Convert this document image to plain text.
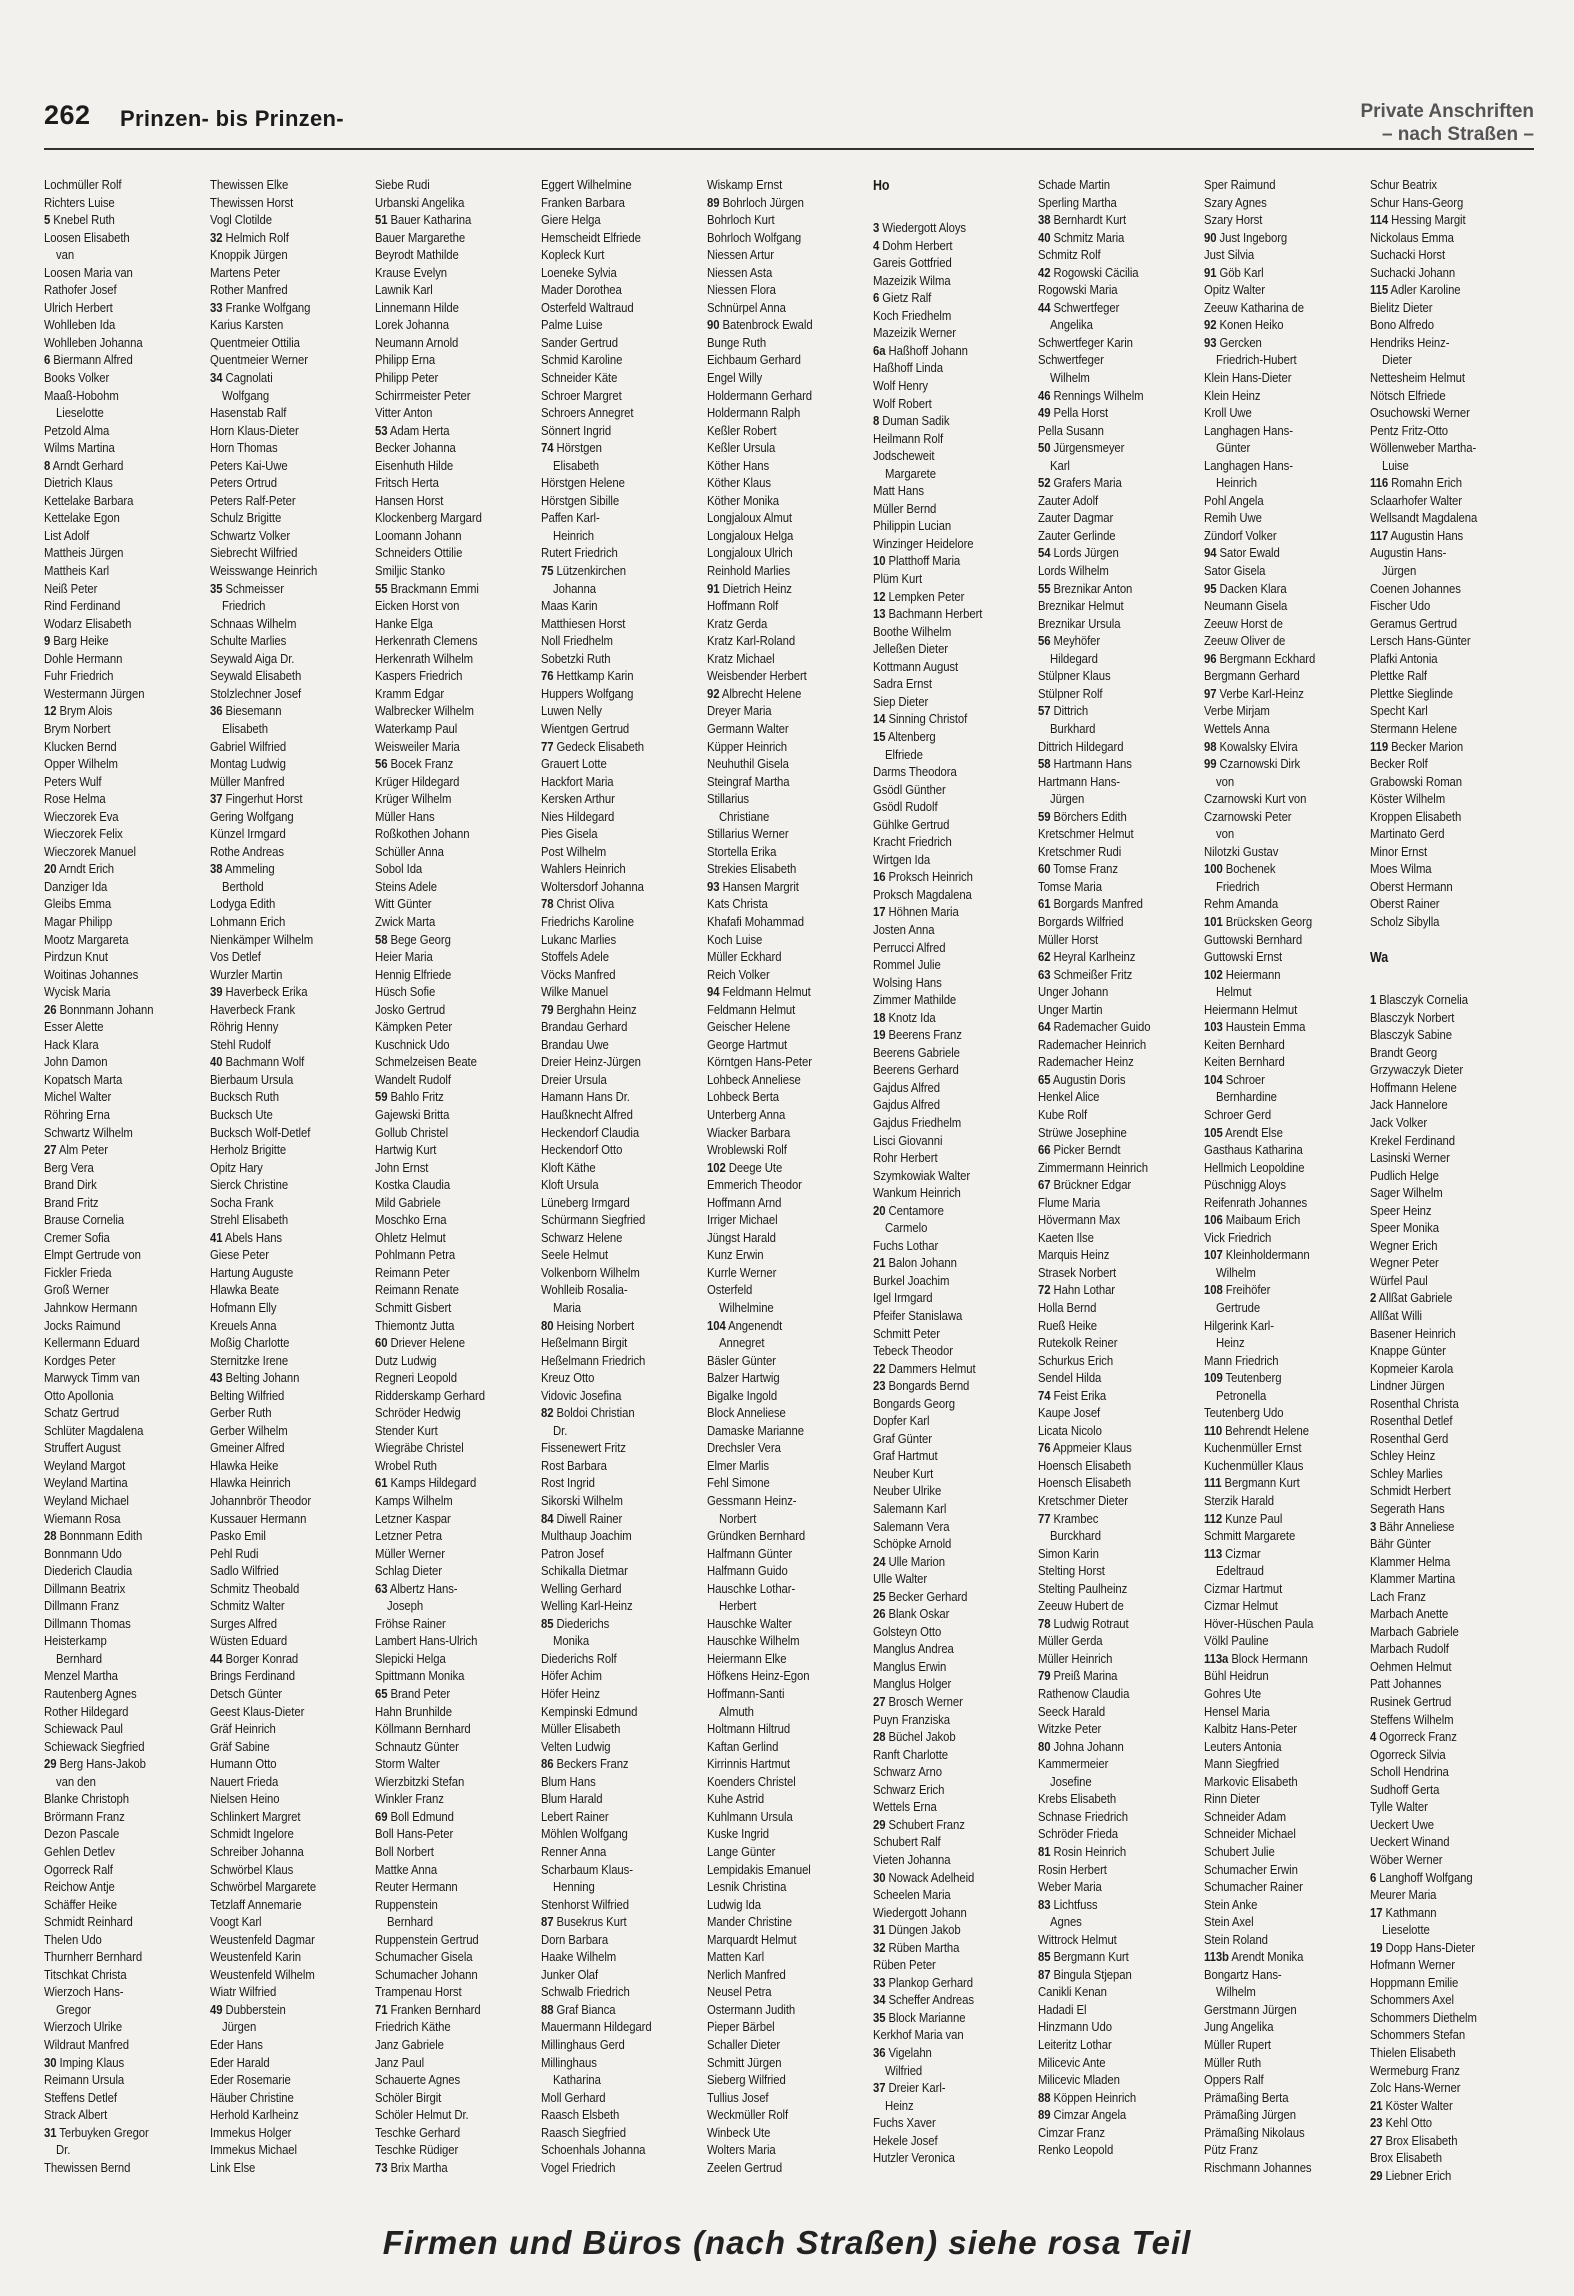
262 Prinzen- bis Prinzen-	Private Anschriften
– nach Straßen –
Lochmüller Rolf
Richters Luise
5 Knebel Ruth
Loosen Elisabeth
van
Loosen Maria van
Rathofer Josef
Ulrich Herbert
Wohlleben Ida
Wohlleben Johanna
6 Biermann Alfred
Books Volker
Maaß-Hobohm
Lieselotte
Petzold Alma
Wilms Martina
8 Arndt Gerhard
Dietrich Klaus
Kettelake Barbara
Kettelake Egon
List Adolf
Mattheis Jürgen
Mattheis Karl
Neiß Peter
Rind Ferdinand
Wodarz Elisabeth
9 Barg Heike
Dohle Hermann
Fuhr Friedrich
Westermann Jürgen
12 Brym Alois
Brym Norbert
Klucken Bernd
Opper Wilhelm
Peters Wulf
Rose Helma
Wieczorek Eva
Wieczorek Felix
Wieczorek Manuel
20 Arndt Erich
Danziger Ida
Gleibs Emma
Magar Philipp
Mootz Margareta
Pirdzun Knut
Woitinas Johannes
Wycisk Maria
26 Bonnmann Johann
Esser Alette
Hack Klara
John Damon
Kopatsch Marta
Michel Walter
Röhring Erna
Schwartz Wilhelm
27 Alm Peter
Berg Vera
Brand Dirk
Brand Fritz
Brause Cornelia
Cremer Sofia
Elmpt Gertrude von
Fickler Frieda
Groß Werner
Jahnkow Hermann
Jocks Raimund
Kellermann Eduard
Kordges Peter
Marwyck Timm van
Otto Apollonia
Schatz Gertrud
Schlüter Magdalena
Struffert August
Weyland Margot
Weyland Martina
Weyland Michael
Wiemann Rosa
28 Bonnmann Edith
Bonnmann Udo
Diederich Claudia
Dillmann Beatrix
Dillmann Franz
Dillmann Thomas
Heisterkamp
Bernhard
Menzel Martha
Rautenberg Agnes
Rother Hildegard
Schiewack Paul
Schiewack Siegfried
29 Berg Hans-Jakob
van den
Blanke Christoph
Brörmann Franz
Dezon Pascale
Gehlen Detlev
Ogorreck Ralf
Reichow Antje
Schäffer Heike
Schmidt Reinhard
Thelen Udo
Thurnherr Bernhard
Titschkat Christa
Wierzoch Hans-
Gregor
Wierzoch Ulrike
Wildraut Manfred
30 Imping Klaus
Reimann Ursula
Steffens Detlef
Strack Albert
31 Terbuyken Gregor
Dr.
Thewissen Bernd
Thewissen Elke
Thewissen Horst
Vogl Clotilde
32 Helmich Rolf
Knoppik Jürgen
Martens Peter
Rother Manfred
33 Franke Wolfgang
Karius Karsten
Quentmeier Ottilia
Quentmeier Werner
34 Cagnolati
Wolfgang
Hasenstab Ralf
Horn Klaus-Dieter
Horn Thomas
Peters Kai-Uwe
Peters Ortrud
Peters Ralf-Peter
Schulz Brigitte
Schwartz Volker
Siebrecht Wilfried
Weisswange Heinrich
35 Schmeisser
Friedrich
Schnaas Wilhelm
Schulte Marlies
Seywald Aiga Dr.
Seywald Elisabeth
Stolzlechner Josef
36 Biesemann
Elisabeth
Gabriel Wilfried
Montag Ludwig
Müller Manfred
37 Fingerhut Horst
Gering Wolfgang
Künzel Irmgard
Rothe Andreas
38 Ammeling
Berthold
Lodyga Edith
Lohmann Erich
Nienkämper Wilhelm
Vos Detlef
Wurzler Martin
39 Haverbeck Erika
Haverbeck Frank
Röhrig Henny
Stehl Rudolf
40 Bachmann Wolf
Bierbaum Ursula
Bucksch Ruth
Bucksch Ute
Bucksch Wolf-Detlef
Herholz Brigitte
Opitz Hary
Sierck Christine
Socha Frank
Strehl Elisabeth
41 Abels Hans
Giese Peter
Hartung Auguste
Hlawka Beate
Hofmann Elly
Kreuels Anna
Moßig Charlotte
Sternitzke Irene
43 Belting Johann
Belting Wilfried
Gerber Ruth
Gerber Wilhelm
Gmeiner Alfred
Hlawka Heike
Hlawka Heinrich
Johannbrör Theodor
Kussauer Hermann
Pasko Emil
Pehl Rudi
Sadlo Wilfried
Schmitz Theobald
Schmitz Walter
Surges Alfred
Wüsten Eduard
44 Borger Konrad
Brings Ferdinand
Detsch Günter
Geest Klaus-Dieter
Gräf Heinrich
Gräf Sabine
Humann Otto
Nauert Frieda
Nielsen Heino
Schlinkert Margret
Schmidt Ingelore
Schreiber Johanna
Schwörbel Klaus
Schwörbel Margarete
Tetzlaff Annemarie
Voogt Karl
Weustenfeld Dagmar
Weustenfeld Karin
Weustenfeld Wilhelm
Wiatr Wilfried
49 Dubberstein
Jürgen
Eder Hans
Eder Harald
Eder Rosemarie
Häuber Christine
Herhold Karlheinz
Immekus Holger
Immekus Michael
Link Else
Siebe Rudi
Urbanski Angelika
51 Bauer Katharina
Bauer Margarethe
Beyrodt Mathilde
Krause Evelyn
Lawnik Karl
Linnemann Hilde
Lorek Johanna
Neumann Arnold
Philipp Erna
Philipp Peter
Schirrmeister Peter
Vitter Anton
53 Adam Herta
Becker Johanna
Eisenhuth Hilde
Fritsch Herta
Hansen Horst
Klockenberg Margard
Loomann Johann
Schneiders Ottilie
Smiljic Stanko
55 Brackmann Emmi
Eicken Horst von
Hanke Elga
Herkenrath Clemens
Herkenrath Wilhelm
Kaspers Friedrich
Kramm Edgar
Walbrecker Wilhelm
Waterkamp Paul
Weisweiler Maria
56 Bocek Franz
Krüger Hildegard
Krüger Wilhelm
Müller Hans
Roßkothen Johann
Schüller Anna
Sobol Ida
Steins Adele
Witt Günter
Zwick Marta
58 Bege Georg
Heier Maria
Hennig Elfriede
Hüsch Sofie
Josko Gertrud
Kämpken Peter
Kuschnick Udo
Schmelzeisen Beate
Wandelt Rudolf
59 Bahlo Fritz
Gajewski Britta
Gollub Christel
Hartwig Kurt
John Ernst
Kostka Claudia
Mild Gabriele
Moschko Erna
Ohletz Helmut
Pohlmann Petra
Reimann Peter
Reimann Renate
Schmitt Gisbert
Thiemontz Jutta
60 Driever Helene
Dutz Ludwig
Regneri Leopold
Ridderskamp Gerhard
Schröder Hedwig
Stender Kurt
Wiegräbe Christel
Wrobel Ruth
61 Kamps Hildegard
Kamps Wilhelm
Letzner Kaspar
Letzner Petra
Müller Werner
Schlag Dieter
63 Albertz Hans-
Joseph
Fröhse Rainer
Lambert Hans-Ulrich
Slepicki Helga
Spittmann Monika
65 Brand Peter
Hahn Brunhilde
Köllmann Bernhard
Schnautz Günter
Storm Walter
Wierzbitzki Stefan
Winkler Franz
69 Boll Edmund
Boll Hans-Peter
Boll Norbert
Mattke Anna
Reuter Hermann
Ruppenstein
Bernhard
Ruppenstein Gertrud
Schumacher Gisela
Schumacher Johann
Trampenau Horst
71 Franken Bernhard
Friedrich Käthe
Janz Gabriele
Janz Paul
Schauerte Agnes
Schöler Birgit
Schöler Helmut Dr.
Teschke Gerhard
Teschke Rüdiger
73 Brix Martha
Eggert Wilhelmine
Franken Barbara
Giere Helga
Hemscheidt Elfriede
Kopleck Kurt
Loeneke Sylvia
Mader Dorothea
Osterfeld Waltraud
Palme Luise
Sander Gertrud
Schmid Karoline
Schneider Käte
Schroer Margret
Schroers Annegret
Sönnert Ingrid
74 Hörstgen
Elisabeth
Hörstgen Helene
Hörstgen Sibille
Paffen Karl-
Heinrich
Rutert Friedrich
75 Lützenkirchen
Johanna
Maas Karin
Matthiesen Horst
Noll Friedhelm
Sobetzki Ruth
76 Hettkamp Karin
Huppers Wolfgang
Luwen Nelly
Wientgen Gertrud
77 Gedeck Elisabeth
Grauert Lotte
Hackfort Maria
Kersken Arthur
Nies Hildegard
Pies Gisela
Post Wilhelm
Wahlers Heinrich
Woltersdorf Johanna
78 Christ Oliva
Friedrichs Karoline
Lukanc Marlies
Stoffels Adele
Vöcks Manfred
Wilke Manuel
79 Berghahn Heinz
Brandau Gerhard
Brandau Uwe
Dreier Heinz-Jürgen
Dreier Ursula
Hamann Hans Dr.
Haußknecht Alfred
Heckendorf Claudia
Heckendorf Otto
Kloft Käthe
Kloft Ursula
Lüneberg Irmgard
Schürmann Siegfried
Schwarz Helene
Seele Helmut
Volkenborn Wilhelm
Wohlleib Rosalia-
Maria
80 Heising Norbert
Heßelmann Birgit
Heßelmann Friedrich
Kreuz Otto
Vidovic Josefina
82 Boldoi Christian
Dr.
Fissenewert Fritz
Rost Barbara
Rost Ingrid
Sikorski Wilhelm
84 Diwell Rainer
Multhaup Joachim
Patron Josef
Schikalla Dietmar
Welling Gerhard
Welling Karl-Heinz
85 Diederichs
Monika
Diederichs Rolf
Höfer Achim
Höfer Heinz
Kempinski Edmund
Müller Elisabeth
Velten Ludwig
86 Beckers Franz
Blum Hans
Blum Harald
Lebert Rainer
Möhlen Wolfgang
Renner Anna
Scharbaum Klaus-
Henning
Stenhorst Wilfried
87 Busekrus Kurt
Dorn Barbara
Haake Wilhelm
Junker Olaf
Schwalb Friedrich
88 Graf Bianca
Mauermann Hildegard
Millinghaus Gerd
Millinghaus
Katharina
Moll Gerhard
Raasch Elsbeth
Raasch Siegfried
Schoenhals Johanna
Vogel Friedrich
Wiskamp Ernst
89 Bohrloch Jürgen
Bohrloch Kurt
Bohrloch Wolfgang
Niessen Artur
Niessen Asta
Niessen Flora
Schnürpel Anna
90 Batenbrock Ewald
Bunge Ruth
Eichbaum Gerhard
Engel Willy
Holdermann Gerhard
Holdermann Ralph
Keßler Robert
Keßler Ursula
Köther Hans
Köther Klaus
Köther Monika
Longjaloux Almut
Longjaloux Helga
Longjaloux Ulrich
Reinhold Marlies
91 Dietrich Heinz
Hoffmann Rolf
Kratz Gerda
Kratz Karl-Roland
Kratz Michael
Weisbender Herbert
92 Albrecht Helene
Dreyer Maria
Germann Walter
Küpper Heinrich
Neuhuthil Gisela
Steingraf Martha
Stillarius
Christiane
Stillarius Werner
Stortella Erika
Strekies Elisabeth
93 Hansen Margrit
Kats Christa
Khafafi Mohammad
Koch Luise
Müller Eckhard
Reich Volker
94 Feldmann Helmut
Feldmann Helmut
Geischer Helene
George Hartmut
Körntgen Hans-Peter
Lohbeck Anneliese
Lohbeck Berta
Unterberg Anna
Wiacker Barbara
Wroblewski Rolf
102 Deege Ute
Emmerich Theodor
Hoffmann Arnd
Irriger Michael
Jüngst Harald
Kunz Erwin
Kurrle Werner
Osterfeld
Wilhelmine
104 Angenendt
Annegret
Bäsler Günter
Balzer Hartwig
Bigalke Ingold
Block Anneliese
Damaske Marianne
Drechsler Vera
Elmer Marlis
Fehl Simone
Gessmann Heinz-
Norbert
Gründken Bernhard
Halfmann Günter
Halfmann Guido
Hauschke Lothar-
Herbert
Hauschke Walter
Hauschke Wilhelm
Heiermann Elke
Höfkens Heinz-Egon
Hoffmann-Santi
Almuth
Holtmann Hiltrud
Kaftan Gerlind
Kirrinnis Hartmut
Koenders Christel
Kuhe Astrid
Kuhlmann Ursula
Kuske Ingrid
Lange Günter
Lempidakis Emanuel
Lesnik Christina
Ludwig Ida
Mander Christine
Marquardt Helmut
Matten Karl
Nerlich Manfred
Neusel Petra
Ostermann Judith
Pieper Bärbel
Schaller Dieter
Schmitt Jürgen
Sieberg Wilfried
Tullius Josef
Weckmüller Rolf
Winbeck Ute
Wolters Maria
Zeelen Gertrud
Ho
3 Wiedergott Aloys
4 Dohm Herbert
Gareis Gottfried
Mazeizik Wilma
6 Gietz Ralf
Koch Friedhelm
Mazeizik Werner
6a Haßhoff Johann
Haßhoff Linda
Wolf Henry
Wolf Robert
8 Duman Sadik
Heilmann Rolf
Jodscheweit
Margarete
Matt Hans
Müller Bernd
Philippin Lucian
Winzinger Heidelore
10 Platthoff Maria
Plüm Kurt
12 Lempken Peter
13 Bachmann Herbert
Boothe Wilhelm
Jelleßen Dieter
Kottmann August
Sadra Ernst
Siep Dieter
14 Sinning Christof
15 Altenberg
Elfriede
Darms Theodora
Gsödl Günther
Gsödl Rudolf
Gühlke Gertrud
Kracht Friedrich
Wirtgen Ida
16 Proksch Heinrich
Proksch Magdalena
17 Höhnen Maria
Josten Anna
Perrucci Alfred
Rommel Julie
Wolsing Hans
Zimmer Mathilde
18 Knotz Ida
19 Beerens Franz
Beerens Gabriele
Beerens Gerhard
Gajdus Alfred
Gajdus Alfred
Gajdus Friedhelm
Lisci Giovanni
Rohr Herbert
Szymkowiak Walter
Wankum Heinrich
20 Centamore
Carmelo
Fuchs Lothar
21 Balon Johann
Burkel Joachim
Igel Irmgard
Pfeifer Stanislawa
Schmitt Peter
Tebeck Theodor
22 Dammers Helmut
23 Bongards Bernd
Bongards Georg
Dopfer Karl
Graf Günter
Graf Hartmut
Neuber Kurt
Neuber Ulrike
Salemann Karl
Salemann Vera
Schöpke Arnold
24 Ulle Marion
Ulle Walter
25 Becker Gerhard
26 Blank Oskar
Golsteyn Otto
Manglus Andrea
Manglus Erwin
Manglus Holger
27 Brosch Werner
Puyn Franziska
28 Büchel Jakob
Ranft Charlotte
Schwarz Arno
Schwarz Erich
Wettels Erna
29 Schubert Franz
Schubert Ralf
Vieten Johanna
30 Nowack Adelheid
Scheelen Maria
Wiedergott Johann
31 Düngen Jakob
32 Rüben Martha
Rüben Peter
33 Plankop Gerhard
34 Scheffer Andreas
35 Block Marianne
Kerkhof Maria van
36 Vigelahn
Wilfried
37 Dreier Karl-
Heinz
Fuchs Xaver
Hekele Josef
Hutzler Veronica
Schade Martin
Sperling Martha
38 Bernhardt Kurt
40 Schmitz Maria
Schmitz Rolf
42 Rogowski Cäcilia
Rogowski Maria
44 Schwertfeger
Angelika
Schwertfeger Karin
Schwertfeger
Wilhelm
46 Rennings Wilhelm
49 Pella Horst
Pella Susann
50 Jürgensmeyer
Karl
52 Grafers Maria
Zauter Adolf
Zauter Dagmar
Zauter Gerlinde
54 Lords Jürgen
Lords Wilhelm
55 Breznikar Anton
Breznikar Helmut
Breznikar Ursula
56 Meyhöfer
Hildegard
Stülpner Klaus
Stülpner Rolf
57 Dittrich
Burkhard
Dittrich Hildegard
58 Hartmann Hans
Hartmann Hans-
Jürgen
59 Börchers Edith
Kretschmer Helmut
Kretschmer Rudi
60 Tomse Franz
Tomse Maria
61 Borgards Manfred
Borgards Wilfried
Müller Horst
62 Heyral Karlheinz
63 Schmeißer Fritz
Unger Johann
Unger Martin
64 Rademacher Guido
Rademacher Heinrich
Rademacher Heinz
65 Augustin Doris
Henkel Alice
Kube Rolf
Strüwe Josephine
66 Picker Berndt
Zimmermann Heinrich
67 Brückner Edgar
Flume Maria
Hövermann Max
Kaeten Ilse
Marquis Heinz
Strasek Norbert
72 Hahn Lothar
Holla Bernd
Rueß Heike
Rutekolk Reiner
Schurkus Erich
Sendel Hilda
74 Feist Erika
Kaupe Josef
Licata Nicolo
76 Appmeier Klaus
Hoensch Elisabeth
Hoensch Elisabeth
Kretschmer Dieter
77 Krambec
Burckhard
Simon Karin
Stelting Horst
Stelting Paulheinz
Zeeuw Hubert de
78 Ludwig Rotraut
Müller Gerda
Müller Heinrich
79 Preiß Marina
Rathenow Claudia
Seeck Harald
Witzke Peter
80 Johna Johann
Kammermeier
Josefine
Krebs Elisabeth
Schnase Friedrich
Schröder Frieda
81 Rosin Heinrich
Rosin Herbert
Weber Maria
83 Lichtfuss
Agnes
Wittrock Helmut
85 Bergmann Kurt
87 Bingula Stjepan
Canikli Kenan
Hadadi El
Hinzmann Udo
Leiteritz Lothar
Milicevic Ante
Milicevic Mladen
88 Köppen Heinrich
89 Cimzar Angela
Cimzar Franz
Renko Leopold
Sper Raimund
Szary Agnes
Szary Horst
90 Just Ingeborg
Just Silvia
91 Göb Karl
Opitz Walter
Zeeuw Katharina de
92 Konen Heiko
93 Gercken
Friedrich-Hubert
Klein Hans-Dieter
Klein Heinz
Kroll Uwe
Langhagen Hans-
Günter
Langhagen Hans-
Heinrich
Pohl Angela
Remih Uwe
Zündorf Volker
94 Sator Ewald
Sator Gisela
95 Dacken Klara
Neumann Gisela
Zeeuw Horst de
Zeeuw Oliver de
96 Bergmann Eckhard
Bergmann Gerhard
97 Verbe Karl-Heinz
Verbe Mirjam
Wettels Anna
98 Kowalsky Elvira
99 Czarnowski Dirk
von
Czarnowski Kurt von
Czarnowski Peter
von
Nilotzki Gustav
100 Bochenek
Friedrich
Rehm Amanda
101 Brücksken Georg
Guttowski Bernhard
Guttowski Ernst
102 Heiermann
Helmut
Heiermann Helmut
103 Haustein Emma
Keiten Bernhard
Keiten Bernhard
104 Schroer
Bernhardine
Schroer Gerd
105 Arendt Else
Gasthaus Katharina
Hellmich Leopoldine
Püschnigg Aloys
Reifenrath Johannes
106 Maibaum Erich
Vick Friedrich
107 Kleinholdermann
Wilhelm
108 Freihöfer
Gertrude
Hilgerink Karl-
Heinz
Mann Friedrich
109 Teutenberg
Petronella
Teutenberg Udo
110 Behrendt Helene
Kuchenmüller Ernst
Kuchenmüller Klaus
111 Bergmann Kurt
Sterzik Harald
112 Kunze Paul
Schmitt Margarete
113 Cizmar
Edeltraud
Cizmar Hartmut
Cizmar Helmut
Höver-Hüschen Paula
Völkl Pauline
113a Block Hermann
Bühl Heidrun
Gohres Ute
Hensel Maria
Kalbitz Hans-Peter
Leuters Antonia
Mann Siegfried
Markovic Elisabeth
Rinn Dieter
Schneider Adam
Schneider Michael
Schubert Julie
Schumacher Erwin
Schumacher Rainer
Stein Anke
Stein Axel
Stein Roland
113b Arendt Monika
Bongartz Hans-
Wilhelm
Gerstmann Jürgen
Jung Angelika
Müller Rupert
Müller Ruth
Oppers Ralf
Prämaßing Berta
Prämaßing Jürgen
Prämaßing Nikolaus
Pütz Franz
Rischmann Johannes
Schur Beatrix
Schur Hans-Georg
114 Hessing Margit
Nickolaus Emma
Suchacki Horst
Suchacki Johann
115 Adler Karoline
Bielitz Dieter
Bono Alfredo
Hendriks Heinz-
Dieter
Nettesheim Helmut
Nötsch Elfriede
Osuchowski Werner
Pentz Fritz-Otto
Wöllenweber Martha-
Luise
116 Romahn Erich
Sclaarhofer Walter
Wellsandt Magdalena
117 Augustin Hans
Augustin Hans-
Jürgen
Coenen Johannes
Fischer Udo
Geramus Gertrud
Lersch Hans-Günter
Plafki Antonia
Plettke Ralf
Plettke Sieglinde
Specht Karl
Stermann Helene
119 Becker Marion
Becker Rolf
Grabowski Roman
Köster Wilhelm
Kroppen Elisabeth
Martinato Gerd
Minor Ernst
Moes Wilma
Oberst Hermann
Oberst Rainer
Scholz Sibylla
Wa
1 Blasczyk Cornelia
Blasczyk Norbert
Blasczyk Sabine
Brandt Georg
Grzywaczyk Dieter
Hoffmann Helene
Jack Hannelore
Jack Volker
Krekel Ferdinand
Lasinski Werner
Pudlich Helge
Sager Wilhelm
Speer Heinz
Speer Monika
Wegner Erich
Wegner Peter
Würfel Paul
2 Allßat Gabriele
Allßat Willi
Basener Heinrich
Knappe Günter
Kopmeier Karola
Lindner Jürgen
Rosenthal Christa
Rosenthal Detlef
Rosenthal Gerd
Schley Heinz
Schley Marlies
Schmidt Herbert
Segerath Hans
3 Bähr Anneliese
Bähr Günter
Klammer Helma
Klammer Martina
Lach Franz
Marbach Anette
Marbach Gabriele
Marbach Rudolf
Oehmen Helmut
Patt Johannes
Rusinek Gertrud
Steffens Wilhelm
4 Ogorreck Franz
Ogorreck Silvia
Scholl Hendrina
Sudhoff Gerta
Tylle Walter
Ueckert Uwe
Ueckert Winand
Wöber Werner
6 Langhoff Wolfgang
Meurer Maria
17 Kathmann
Lieselotte
19 Dopp Hans-Dieter
Hofmann Werner
Hoppmann Emilie
Schommers Axel
Schommers Diethelm
Schommers Stefan
Thielen Elisabeth
Wermeburg Franz
Zolc Hans-Werner
21 Köster Walter
23 Kehl Otto
27 Brox Elisabeth
Brox Elisabeth
29 Liebner Erich
Firmen und Büros (nach Straßen) siehe rosa Teil
